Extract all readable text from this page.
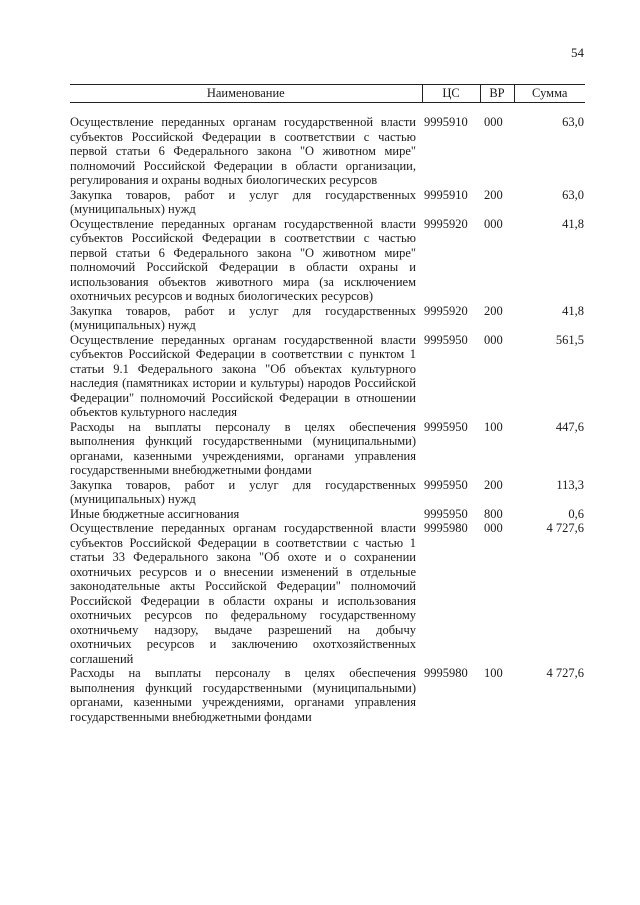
54
Наименование	ЦС	ВР	Сумма

Осуществление переданных органам государственной власти субъектов Российской Федерации в соответствии с частью первой статьи 6 Федерального закона "О животном мире" полномочий Российской Федерации в области организации, регулирования и охраны водных биологических ресурсов	9995910	000	63,0
Закупка товаров, работ и услуг для государственных (муниципальных) нужд	9995910	200	63,0
Осуществление переданных органам государственной власти субъектов Российской Федерации в соответствии с частью первой статьи 6 Федерального закона "О животном мире" полномочий Российской Федерации в области охраны и использования объектов животного мира (за исключением охотничьих ресурсов и водных биологических ресурсов)	9995920	000	41,8
Закупка товаров, работ и услуг для государственных (муниципальных) нужд	9995920	200	41,8
Осуществление переданных органам государственной власти субъектов Российской Федерации в соответствии с пунктом 1 статьи 9.1 Федерального закона "Об объектах культурного наследия (памятниках истории и культуры) народов Российской Федерации" полномочий Российской Федерации в отношении объектов культурного наследия	9995950	000	561,5
Расходы на выплаты персоналу в целях обеспечения выполнения функций государственными (муниципальными) органами, казенными учреждениями, органами управления государственными внебюджетными фондами	9995950	100	447,6
Закупка товаров, работ и услуг для государственных (муниципальных) нужд	9995950	200	113,3
Иные бюджетные ассигнования	9995950	800	0,6
Осуществление переданных органам государственной власти субъектов Российской Федерации в соответствии с частью 1 статьи 33 Федерального закона "Об охоте и о сохранении охотничьих ресурсов и о внесении изменений в отдельные законодательные акты Российской Федерации" полномочий Российской Федерации в области охраны и использования охотничьих ресурсов по федеральному государственному охотничьему надзору, выдаче разрешений на добычу охотничьих ресурсов и заключению охотхозяйственных соглашений	9995980	000	4 727,6
Расходы на выплаты персоналу в целях обеспечения выполнения функций государственными (муниципальными) органами, казенными учреждениями, органами управления государственными внебюджетными фондами	9995980	100	4 727,6
